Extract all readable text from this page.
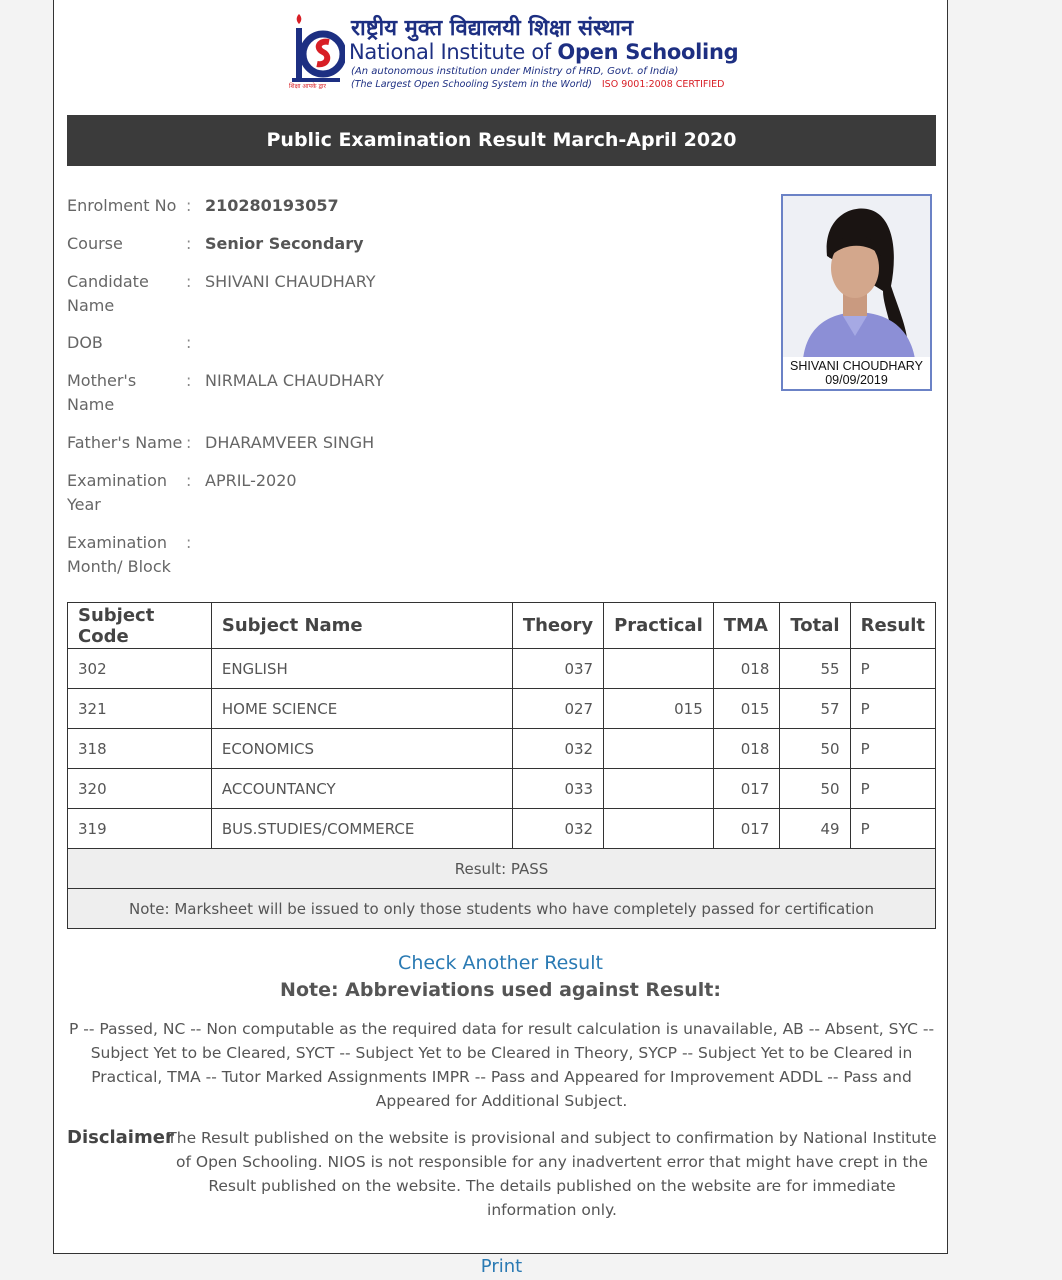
शिक्षा आपके द्वार
राष्ट्रीय मुक्त विद्यालयी शिक्षा संस्थान
National Institute of Open Schooling
(An autonomous institution under Ministry of HRD, Govt. of India)
(The Largest Open Schooling System in the World) ISO 9001:2008 CERTIFIED
Public Examination Result March-April 2020
Enrolment No : 210280193057
Course	: Senior Secondary
Candidate Name
: SHIVANI CHAUDHARY
DOB	:
Mother's Name
: NIRMALA CHAUDHARY
Father's Name : DHARAMVEER SINGH
Examination Year
: APRIL-2020
Examination Month/ Block
:
SHIVANI CHOUDHARY
09/09/2019
Subject Code	Subject Name	Theory	Practical	TMA	Total	Result
302	ENGLISH	037		018	55	P
321	HOME SCIENCE	027	015	015	57	P
318	ECONOMICS	032		018	50	P
320	ACCOUNTANCY	033		017	50	P
319	BUS.STUDIES/COMMERCE	032		017	49	P
Result: PASS						
Note: Marksheet will be issued to only those students who have completely passed for certification						
Check Another Result
Note: Abbreviations used against Result:
P -- Passed, NC -- Non computable as the required data for result calculation is unavailable, AB -- Absent, SYC -- Subject Yet to be Cleared, SYCT -- Subject Yet to be Cleared in Theory, SYCP -- Subject Yet to be Cleared in Practical, TMA -- Tutor Marked Assignments IMPR -- Pass and Appeared for Improvement ADDL -- Pass and Appeared for Additional Subject.
Disclaimer
The Result published on the website is provisional and subject to confirmation by National Institute of Open Schooling. NIOS is not responsible for any inadvertent error that might have crept in the Result published on the website. The details published on the website are for immediate information only.
Print
